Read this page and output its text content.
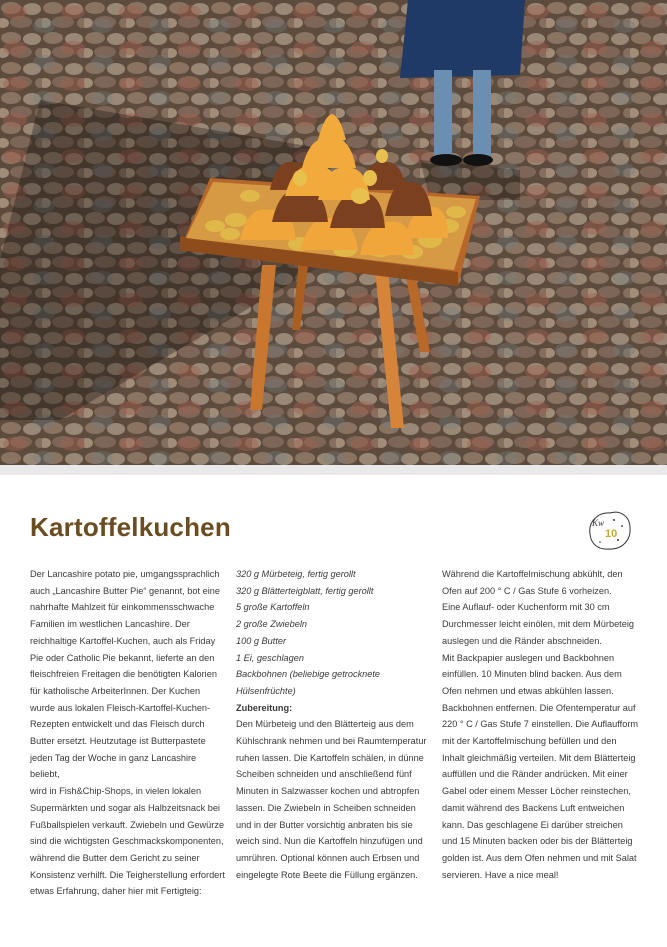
Kartoffelkuchen	Kw
10

Der Lancashire potato pie, umgangssprachlich

auch „Lancashire Butter Pie“ genannt, bot eine

nahrhafte Mahlzeit für einkommensschwache

Familien im westlichen Lancashire. Der

reichhaltige Kartoffel-Kuchen, auch als Friday

Pie oder Catholic Pie bekannt, lieferte an den

fleischfreien Freitagen die benötigten Kalorien

für katholische ArbeiterInnen. Der Kuchen

wurde aus lokalen Fleisch-Kartoffel-Kuchen-

Rezepten entwickelt und das Fleisch durch

Butter ersetzt. Heutzutage ist Butterpastete

jeden Tag der Woche in ganz Lancashire beliebt,

wird in Fish&Chip-Shops, in vielen lokalen

Supermärkten und sogar als Halbzeitsnack bei

Fußballspielen verkauft. Zwiebeln und Gewürze

sind die wichtigsten Geschmackskomponenten,

während die Butter dem Gericht zu seiner

Konsistenz verhilft. Die Teigherstellung erfordert

etwas Erfahrung, daher hier mit Fertigteig:

320 g Mürbeteig, fertig gerollt

320 g Blätterteigblatt, fertig gerollt

5 große Kartoffeln

2 große Zwiebeln

100 g Butter

1 Ei, geschlagen

Backbohnen (beliebige getrocknete Hülsenfrüchte)

Zubereitung:

Den Mürbeteig und den Blätterteig aus dem

Kühlschrank nehmen und bei Raumtemperatur

ruhen lassen. Die Kartoffeln schälen, in dünne

Scheiben schneiden und anschließend fünf

Minuten in Salzwasser kochen und abtropfen

lassen. Die Zwiebeln in Scheiben schneiden

und in der Butter vorsichtig anbraten bis sie

weich sind. Nun die Kartoffeln hinzufügen und

umrühren. Optional können auch Erbsen und

eingelegte Rote Beete die Füllung ergänzen.

Während die Kartoffelmischung abkühlt, den

Ofen auf 200 ° C / Gas Stufe 6 vorheizen.

Eine Auflauf- oder Kuchenform mit 30 cm

Durchmesser leicht einölen, mit dem Mürbeteig

auslegen und die Ränder abschneiden.

Mit Backpapier auslegen und Backbohnen

einfüllen. 10 Minuten blind backen. Aus dem

Ofen nehmen und etwas abkühlen lassen.

Backbohnen entfernen. Die Ofentemperatur auf

220 ° C / Gas Stufe 7 einstellen. Die Auflaufform

mit der Kartoffelmischung befüllen und den

Inhalt gleichmäßig verteilen. Mit dem Blätterteig

auffüllen und die Ränder andrücken. Mit einer

Gabel oder einem Messer Löcher reinstechen,

damit während des Backens Luft entweichen

kann. Das geschlagene Ei darüber streichen

und 15 Minuten backen oder bis der Blätterteig

golden ist. Aus dem Ofen nehmen und mit Salat

servieren. Have a nice meal!
